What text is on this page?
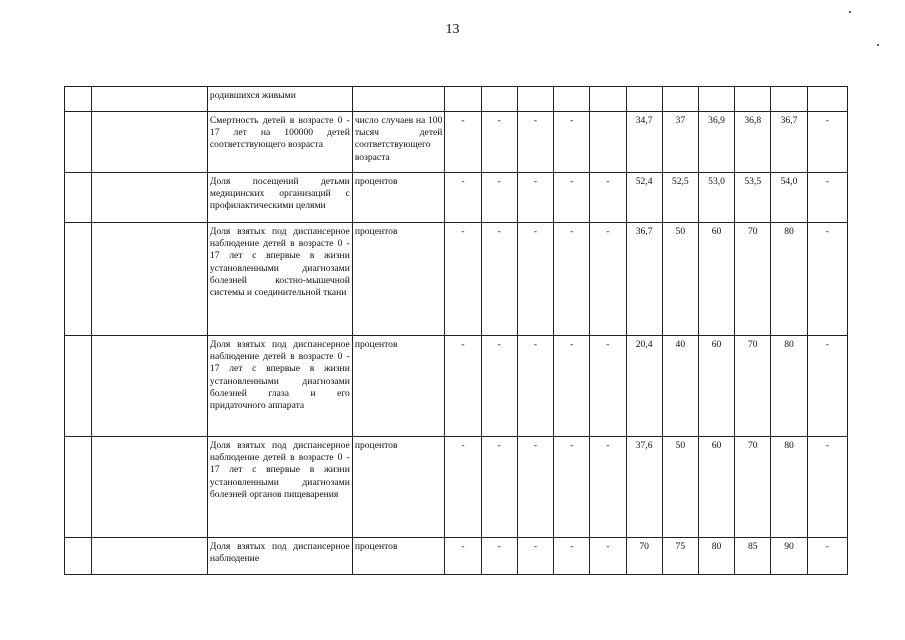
13
		родившихся живыми												
		Смертность детей в возрасте 0 - 17 лет на 100000 детей соответствующего возраста	число случаев на 100 тысяч детей соответствующего возраста	-	-	-	-		34,7	37	36,9	36,8	36,7	-
		Доля посещений детьми медицинских организаций с профилактическими целями	процентов	-	-	-	-	-	52,4	52,5	53,0	53,5	54,0	-
		Доля взятых под диспансерное наблюдение детей в возрасте 0 - 17 лет с впервые в жизни установленными диагнозами болезней костно-мышечной системы и соединительной ткани	процентов	-	-	-	-	-	36,7	50	60	70	80	-
		Доля взятых под диспансерное наблюдение детей в возрасте 0 - 17 лет с впервые в жизни установленными диагнозами болезней глаза и его придаточного аппарата	процентов	-	-	-	-	-	20,4	40	60	70	80	-
		Доля взятых под диспансерное наблюдение детей в возрасте 0 - 17 лет с впервые в жизни установленными диагнозами болезней органов пищеварения	процентов	-	-	-	-	-	37,6	50	60	70	80	-
		Доля взятых под диспансерное наблюдение	процентов	-	-	-	-	-	70	75	80	85	90	-
